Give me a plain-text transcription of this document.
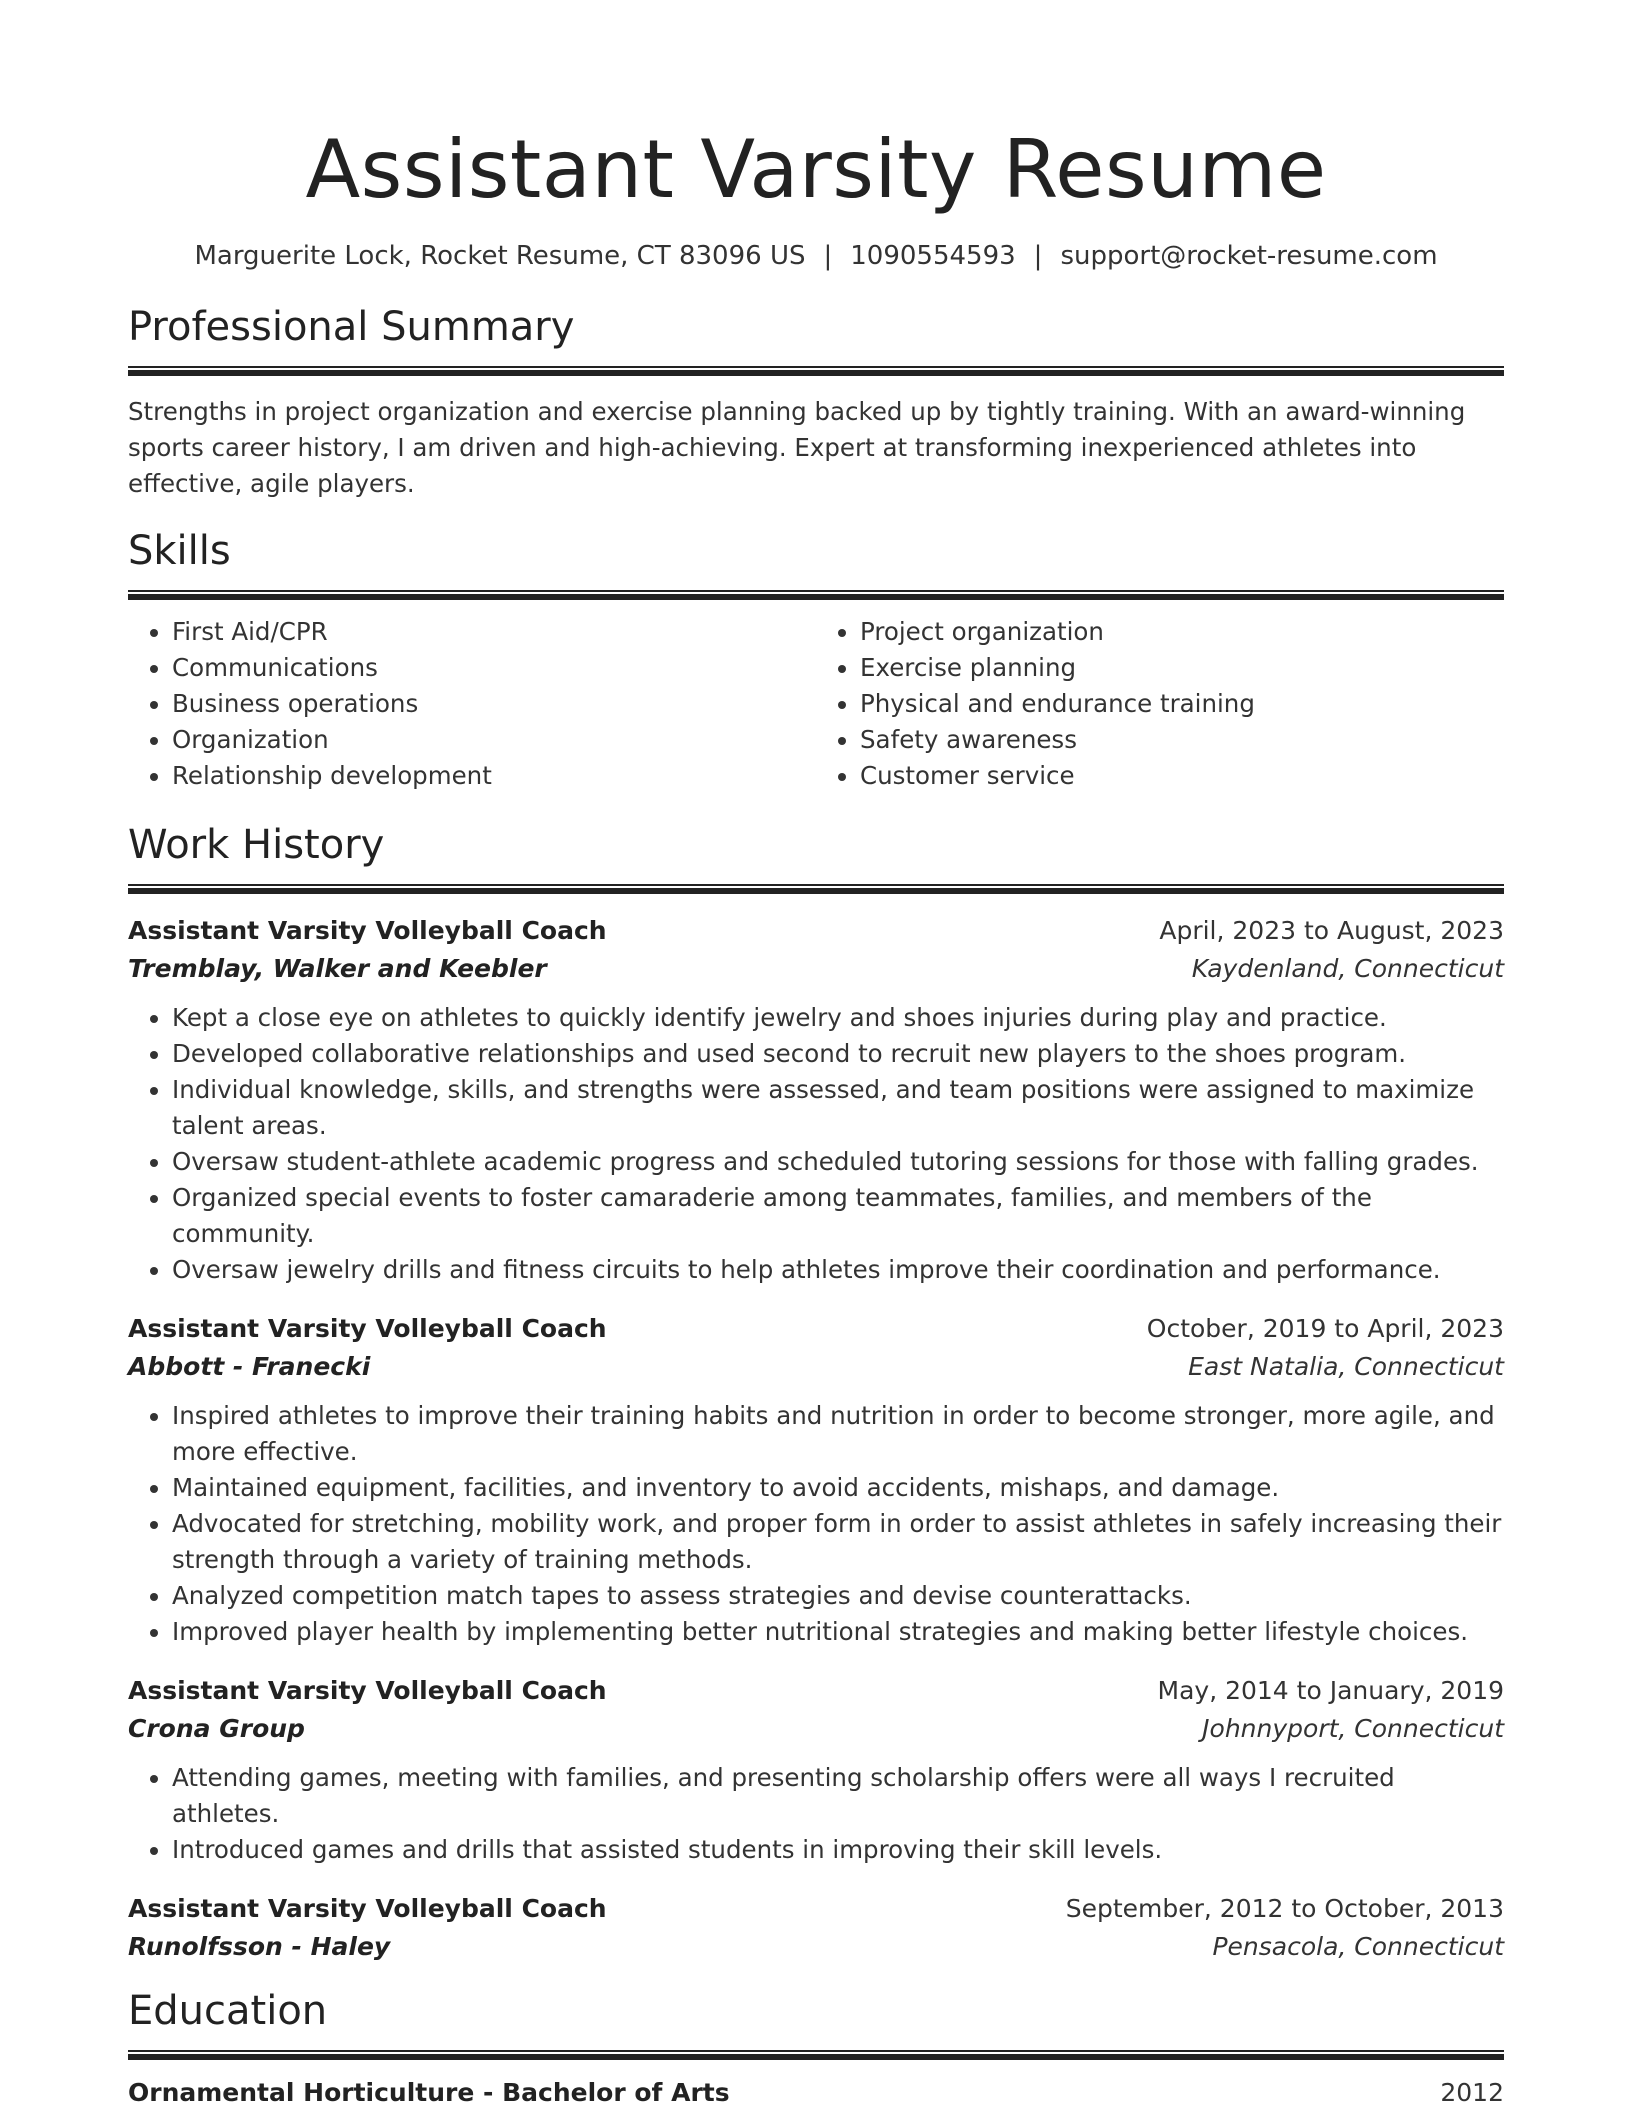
Assistant Varsity Resume
Marguerite Lock, Rocket Resume, CT 83096 US | 1090554593 | support@rocket-resume.com
Professional Summary

Strengths in project organization and exercise planning backed up by tightly training. With an award-winning sports career history, I am driven and high-achieving. Expert at transforming inexperienced athletes into effective, agile players.

Skills
• First Aid/CPR
• Communications
• Business operations
• Organization
• Relationship development
• Project organization
• Exercise planning
• Physical and endurance training
• Safety awareness
• Customer service
Work History
Assistant Varsity Volleyball Coach	April, 2023 to August, 2023
Tremblay, Walker and Keebler	Kaydenland, Connecticut
• Kept a close eye on athletes to quickly identify jewelry and shoes injuries during play and practice.
• Developed collaborative relationships and used second to recruit new players to the shoes program.
• Individual knowledge, skills, and strengths were assessed, and team positions were assigned to maximize talent areas.
• Oversaw student-athlete academic progress and scheduled tutoring sessions for those with falling grades.
• Organized special events to foster camaraderie among teammates, families, and members of the community.
• Oversaw jewelry drills and fitness circuits to help athletes improve their coordination and performance.
Assistant Varsity Volleyball Coach	October, 2019 to April, 2023
Abbott - Franecki	East Natalia, Connecticut
• Inspired athletes to improve their training habits and nutrition in order to become stronger, more agile, and more effective.
• Maintained equipment, facilities, and inventory to avoid accidents, mishaps, and damage.
• Advocated for stretching, mobility work, and proper form in order to assist athletes in safely increasing their strength through a variety of training methods.
• Analyzed competition match tapes to assess strategies and devise counterattacks.
• Improved player health by implementing better nutritional strategies and making better lifestyle choices.
Assistant Varsity Volleyball Coach	May, 2014 to January, 2019
Crona Group	Johnnyport, Connecticut
• Attending games, meeting with families, and presenting scholarship offers were all ways I recruited athletes.
• Introduced games and drills that assisted students in improving their skill levels.
Assistant Varsity Volleyball Coach	September, 2012 to October, 2013
Runolfsson - Haley	Pensacola, Connecticut
Education
Ornamental Horticulture - Bachelor of Arts	2012
